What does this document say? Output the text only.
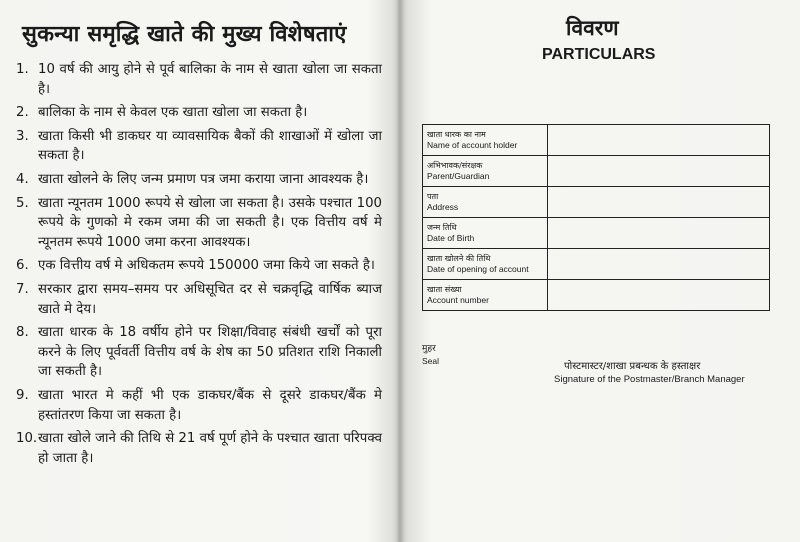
सुकन्या समृद्धि खाते की मुख्य विशेषताएं
1. 10 वर्ष की आयु होने से पूर्व बालिका के नाम से खाता खोला जा सकता है।
2. बालिका के नाम से केवल एक खाता खोला जा सकता है।
3. खाता किसी भी डाकघर या व्यावसायिक बैकों की शाखाओं में खोला जा सकता है।
4. खाता खोलने के लिए जन्म प्रमाण पत्र जमा कराया जाना आवश्यक है।
5. खाता न्यूनतम 1000 रूपये से खोला जा सकता है। उसके पश्चात 100 रूपये के गुणको मे रकम जमा की जा सकती है। एक वित्तीय वर्ष मे न्यूनतम रूपये 1000 जमा करना आवश्यक।
6. एक वित्तीय वर्ष मे अधिकतम रूपये 150000 जमा किये जा सकते है।
7. सरकार द्वारा समय–समय पर अधिसूचित दर से चक्रवृद्धि वार्षिक ब्याज खाते मे देय।
8. खाता धारक के 18 वर्षीय होने पर शिक्षा/विवाह संबंधी खर्चों को पूरा करने के लिए पूर्ववर्ती वित्तीय वर्ष के शेष का 50 प्रतिशत राशि निकाली जा सकती है।
9. खाता भारत मे कहीं भी एक डाकघर/बैंक से दूसरे डाकघर/बैंक मे हस्तांतरण किया जा सकता है।
10. खाता खोले जाने की तिथि से 21 वर्ष पूर्ण होने के पश्चात खाता परिपक्व हो जाता है।
विवरण
PARTICULARS
खाता धारक का नाम
Name of account holder	

अभिभावक/संरक्षक
Parent/Guardian	

पता
Address	

जन्म तिथि
Date of Birth	

खाता खोलने की तिथि
Date of opening of account	

खाता संख्या
Account number	

मुहर
Seal	पोस्टमास्टर/शाखा प्रबन्धक के हस्ताक्षर
Signature of the Postmaster/Branch Manager
